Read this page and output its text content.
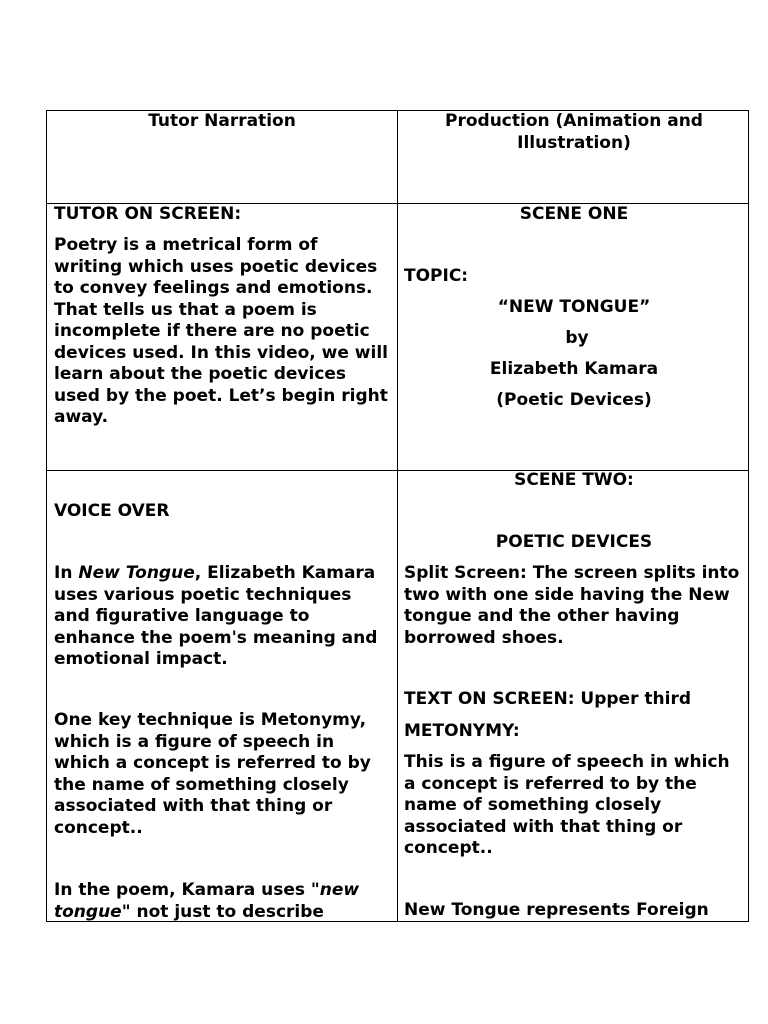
Tutor Narration	Production (Animation and Illustration)

TUTOR ON SCREEN:

Poetry is a metrical form of writing which uses poetic devices to convey feelings and emotions. That tells us that a poem is incomplete if there are no poetic devices used. In this video, we will learn about the poetic devices used by the poet. Let’s begin right away.

SCENE ONE

TOPIC:

“NEW TONGUE”

by

Elizabeth Kamara

(Poetic Devices)

VOICE OVER

In New Tongue, Elizabeth Kamara uses various poetic techniques and figurative language to enhance the poem's meaning and emotional impact.

One key technique is Metonymy, which is a figure of speech in which a concept is referred to by the name of something closely associated with that thing or concept..

In the poem, Kamara uses "new tongue" not just to describe

SCENE TWO:

POETIC DEVICES

Split Screen: The screen splits into two with one side having the New tongue and the other having borrowed shoes.

TEXT ON SCREEN: Upper third

METONYMY:

This is a figure of speech in which a concept is referred to by the name of something closely associated with that thing or concept..

New Tongue represents Foreign
